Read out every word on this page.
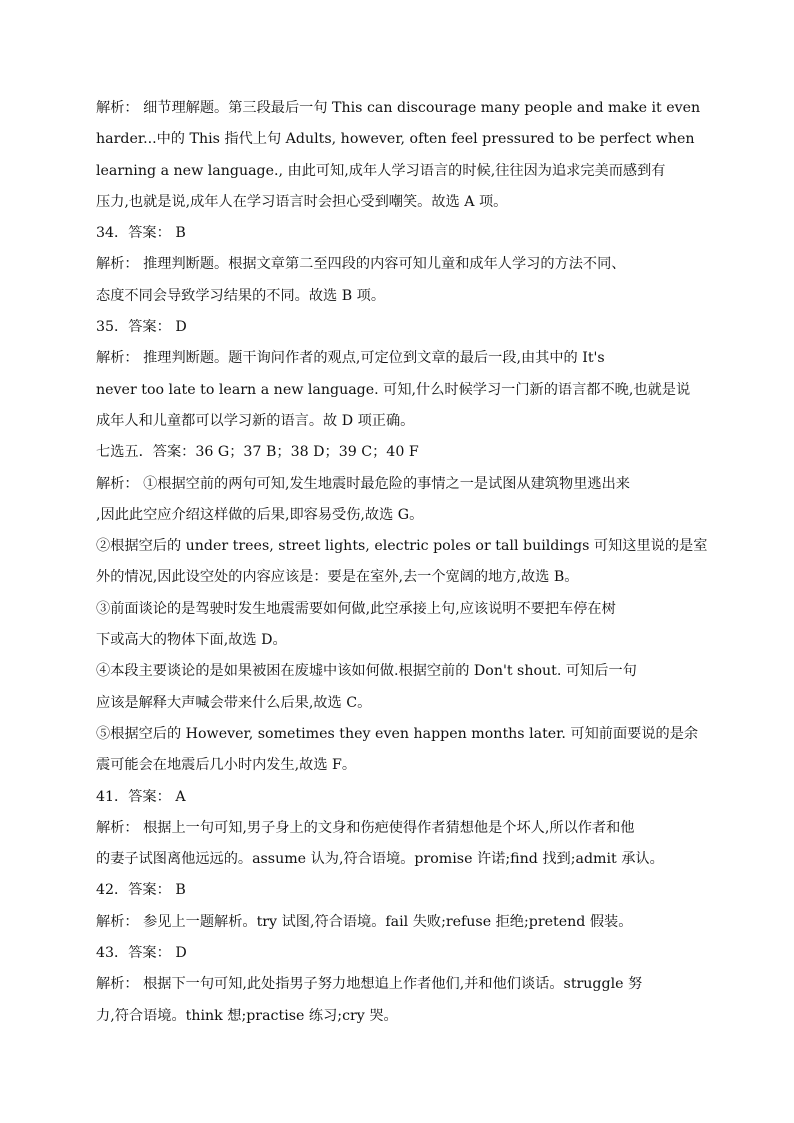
解析： 细节理解题。第三段最后一句 This can discourage many people and make it even
harder...中的 This 指代上句 Adults, however, often feel pressured to be perfect when
learning a new language., 由此可知,成年人学习语言的时候,往往因为追求完美而感到有
压力,也就是说,成年人在学习语言时会担心受到嘲笑。故选 A 项。
34．答案： B
解析： 推理判断题。根据文章第二至四段的内容可知儿童和成年人学习的方法不同、
态度不同会导致学习结果的不同。故选 B 项。
35．答案： D
解析： 推理判断题。题干询问作者的观点,可定位到文章的最后一段,由其中的 It's
never too late to learn a new language. 可知,什么时候学习一门新的语言都不晚,也就是说
成年人和儿童都可以学习新的语言。故 D 项正确。
七选五．答案：36 G；37 B；38 D；39 C；40 F
解析： ①根据空前的两句可知,发生地震时最危险的事情之一是试图从建筑物里逃出来
,因此此空应介绍这样做的后果,即容易受伤,故选 G。
②根据空后的 under trees, street lights, electric poles or tall buildings 可知这里说的是室
外的情况,因此设空处的内容应该是：要是在室外,去一个宽阔的地方,故选 B。
③前面谈论的是驾驶时发生地震需要如何做,此空承接上句,应该说明不要把车停在树
下或高大的物体下面,故选 D。
④本段主要谈论的是如果被困在废墟中该如何做.根据空前的 Don't shout. 可知后一句
应该是解释大声喊会带来什么后果,故选 C。
⑤根据空后的 However, sometimes they even happen months later. 可知前面要说的是余
震可能会在地震后几小时内发生,故选 F。
41．答案： A
解析： 根据上一句可知,男子身上的文身和伤疤使得作者猜想他是个坏人,所以作者和他
的妻子试图离他远远的。assume 认为,符合语境。promise 许诺;find 找到;admit 承认。
42．答案： B
解析： 参见上一题解析。try 试图,符合语境。fail 失败;refuse 拒绝;pretend 假装。
43．答案： D
解析： 根据下一句可知,此处指男子努力地想追上作者他们,并和他们谈话。struggle 努
力,符合语境。think 想;practise 练习;cry 哭。
